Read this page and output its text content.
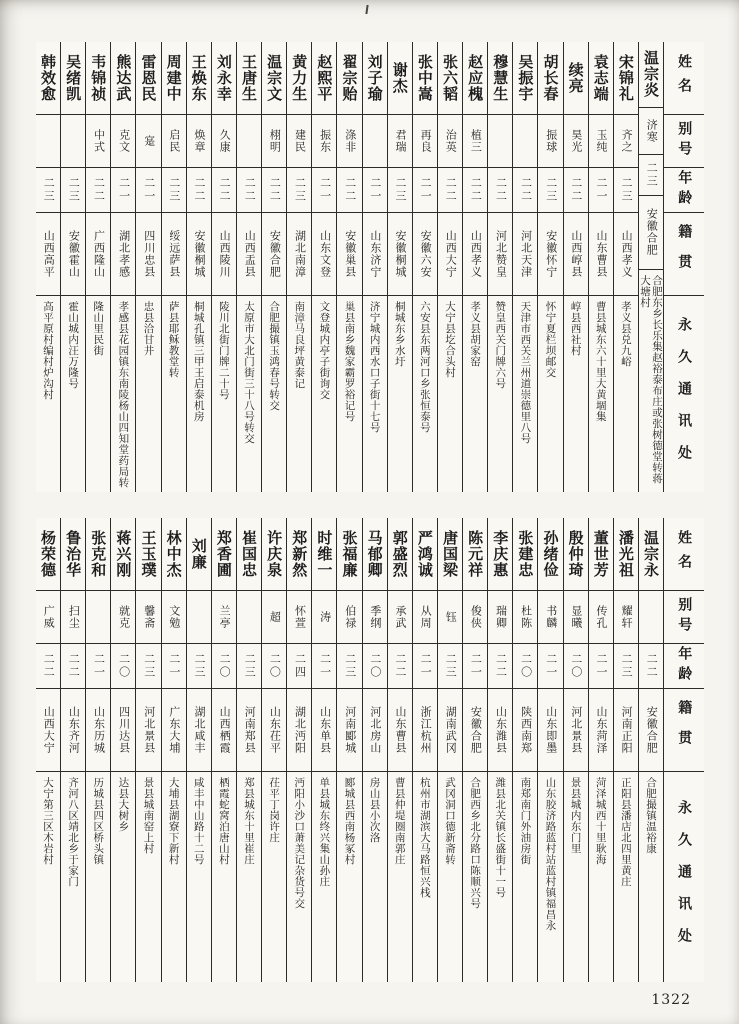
姓名
别号
年龄
籍贯
永久通讯处
温宗炎
济寒
二三
安徽合肥
合肥东乡长乐集赵裕泰布庄或张树德堂转蒋大塘村
宋锦礼
齐之
二三
山西孝义
孝义县兑九峪
袁志端
玉纯
二一
山东曹县
曹县城东六十里大黄堌集
续亮
昊光
二二
山西崞县
崞县西社村
胡长春
振球
二三
安徽怀宁
怀宁夏栏坝邮交
吴振宇
二二
河北天津
天津市西关兰州道崇德里八号
穆慧生
二二
河北赞皇
赞皇西关门牌六号
赵应槐
植三
二二
山西孝义
孝义县胡家窑
张六韬
治英
二二
山西大宁
大宁县圪合头村
张中嵩
再良
二一
安徽六安
六安县东两河口乡张恒泰号
谢杰
君瑞
二三
安徽桐城
桐城东乡水圩
刘子瑜
二一
山东济宁
济宁城内西水口子街十七号
翟宗贻
涤非
二二
安徽巢县
巢县南乡魏家霸罗裕记号
赵熙平
振东
二一
山东文登
文登城内亭子街询交
黄力生
建民
二三
湖北南漳
南漳马良坪黄泰记
温宗文
栩明
二二
安徽合肥
合肥撮镇玉鸿春号转交
王唐生
二二
山西盂县
太原市大北门街三十八号转交
刘永幸
久康
二二
山西陵川
陵川北街门牌二十号
王焕东
焕章
二二
安徽桐城
桐城孔镇三甲王启泰机房
周建中
启民
二三
绥远萨县
萨县耶稣教堂转
雷恩民
寔
二一
四川忠县
忠县洽甘井
熊达武
克文
二一
湖北孝感
孝感县花园镇东南陵杨山四知堂药局转
韦锦祯
中式
二二
广西隆山
隆山里民街
吴绪凯
二三
安徽霍山
霍山城内汪万隆号
韩效愈
二三
山西高平
高平原村编村炉沟村
姓名
别号
年龄
籍贯
永久通讯处
温宗永
二二
安徽合肥
合肥撮镇温裕康
潘光祖
耀轩
二三
河南正阳
正阳县潘店北四里黄庄
董世芳
传孔
二一
山东菏泽
菏泽城西十里耿海
殷仲琦
显曦
二〇
河北景县
景县城内东门里
孙绪俭
书麟
二一
山东即墨
山东胶济路蓝村站蓝村镇福昌永
张建忠
杜陈
二〇
陕西南郑
南郑南门外油房街
李庆惠
瑞卿
二二
山东潍县
潍县北关镇长盛街十一号
陈元祥
俊侠
二一
安徽合肥
合肥西乡北分路口陈顺兴号
唐国梁
钰
二三
湖南武冈
武冈洞口德新斋转
严鸿诚
从周
二一
浙江杭州
杭州市湖滨大马路恒兴栈
郭盛烈
承武
二二
山东曹县
曹县仲堤圈南郭庄
马郁卿
季纲
二〇
河北房山
房山县小次洛
张福廉
伯禄
二三
河南郾城
郾城县西南杨冢村
时维一
涛
二一
山东单县
单县城东终兴集山孙庄
郑新然
怀萱
二四
湖北沔阳
沔阳小沙口萧美记杂货号交
许庆泉
超
二〇
山东茌平
茌平丁岗许庄
崔国忠
二三
河南郑县
郑县城东十里崔庄
郑香圃
兰亭
二〇
山西栖霞
栖霞蛇窝泊唐山村
刘廉
二三
湖北咸丰
咸丰中山路十二号
林中杰
文勉
二一
广东大埔
大埔县湖寮下新村
王玉璞
馨斋
二三
河北景县
景县城南窑上村
蒋兴刚
就克
二〇
四川达县
达县大树乡
张克和
二一
山东历城
历城县四区桥头镇
鲁治华
扫尘
二二
山东齐河
齐河八区靖北乡于家门
杨荣德
广威
二二
山西大宁
大宁第三区木岩村
1322
